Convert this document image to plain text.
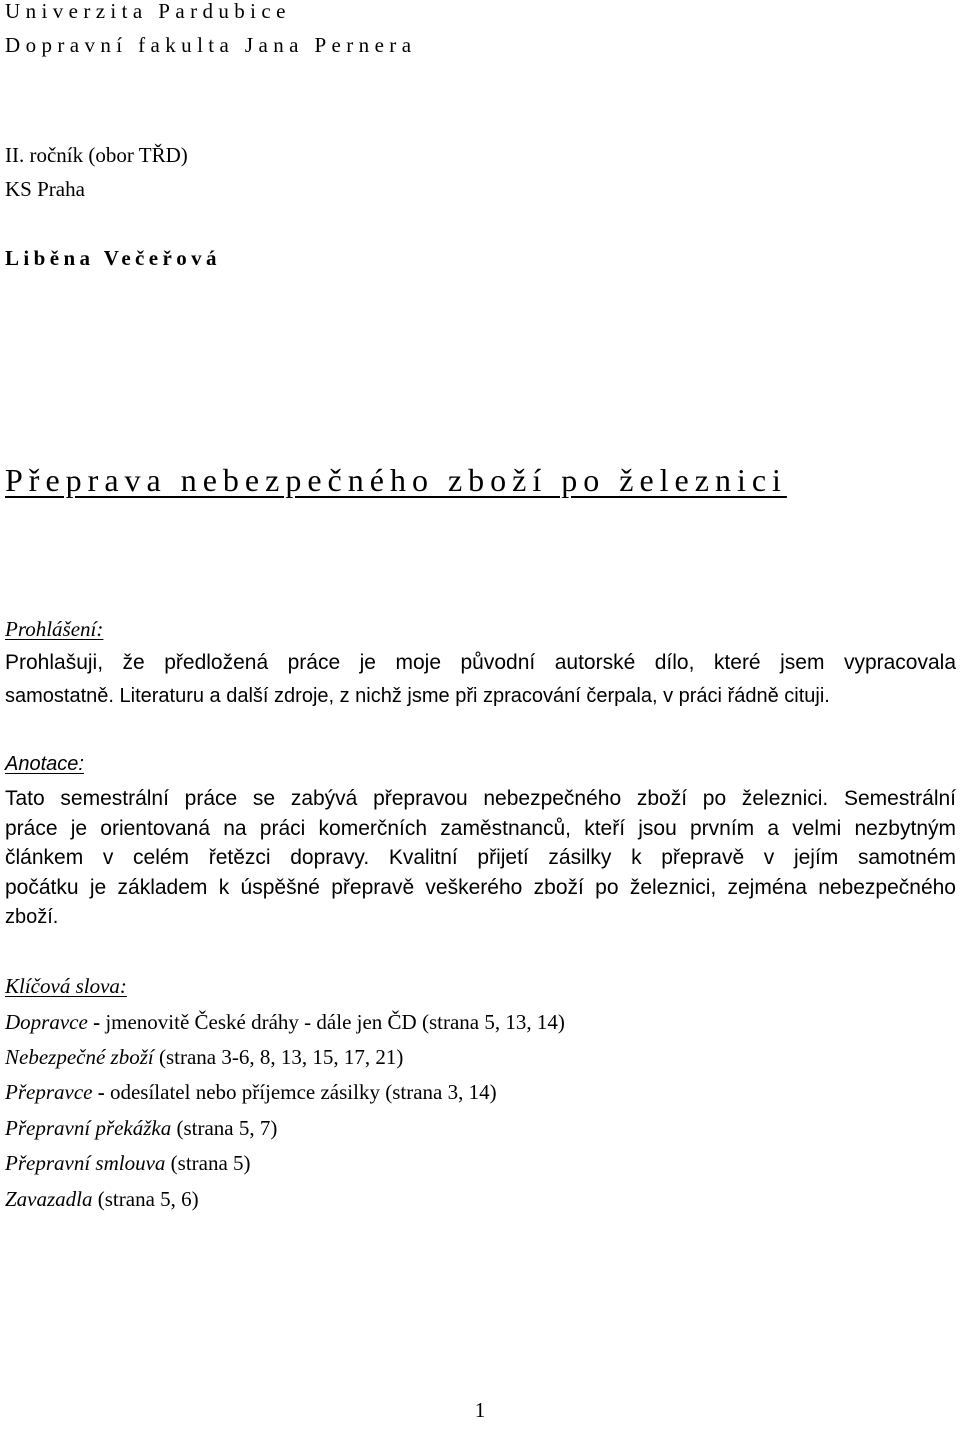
Univerzita Pardubice
Dopravní fakulta Jana Pernera
II. ročník (obor TŘD)
KS Praha
Liběna Večeřová
Přeprava nebezpečného zboží po železnici
Prohlášení:
Prohlašuji, že předložená práce je moje původní autorské dílo, které jsem vypracovala
samostatně. Literaturu a další zdroje, z nichž jsme při zpracování čerpala, v práci řádně cituji.
Anotace:
Tato semestrální práce se zabývá přepravou nebezpečného zboží po železnici. Semestrální
práce je orientovaná na práci komerčních zaměstnanců, kteří jsou prvním a velmi nezbytným
článkem v celém řetězci dopravy. Kvalitní přijetí zásilky k přepravě v jejím samotném
počátku je základem k úspěšné přepravě veškerého zboží po železnici, zejména nebezpečného
zboží.
Klíčová slova:
Dopravce - jmenovitě České dráhy - dále jen ČD (strana 5, 13, 14)
Nebezpečné zboží (strana 3-6, 8, 13, 15, 17, 21)
Přepravce - odesílatel nebo příjemce zásilky (strana 3, 14)
Přepravní překážka (strana 5, 7)
Přepravní smlouva (strana 5)
Zavazadla (strana 5, 6)
1
